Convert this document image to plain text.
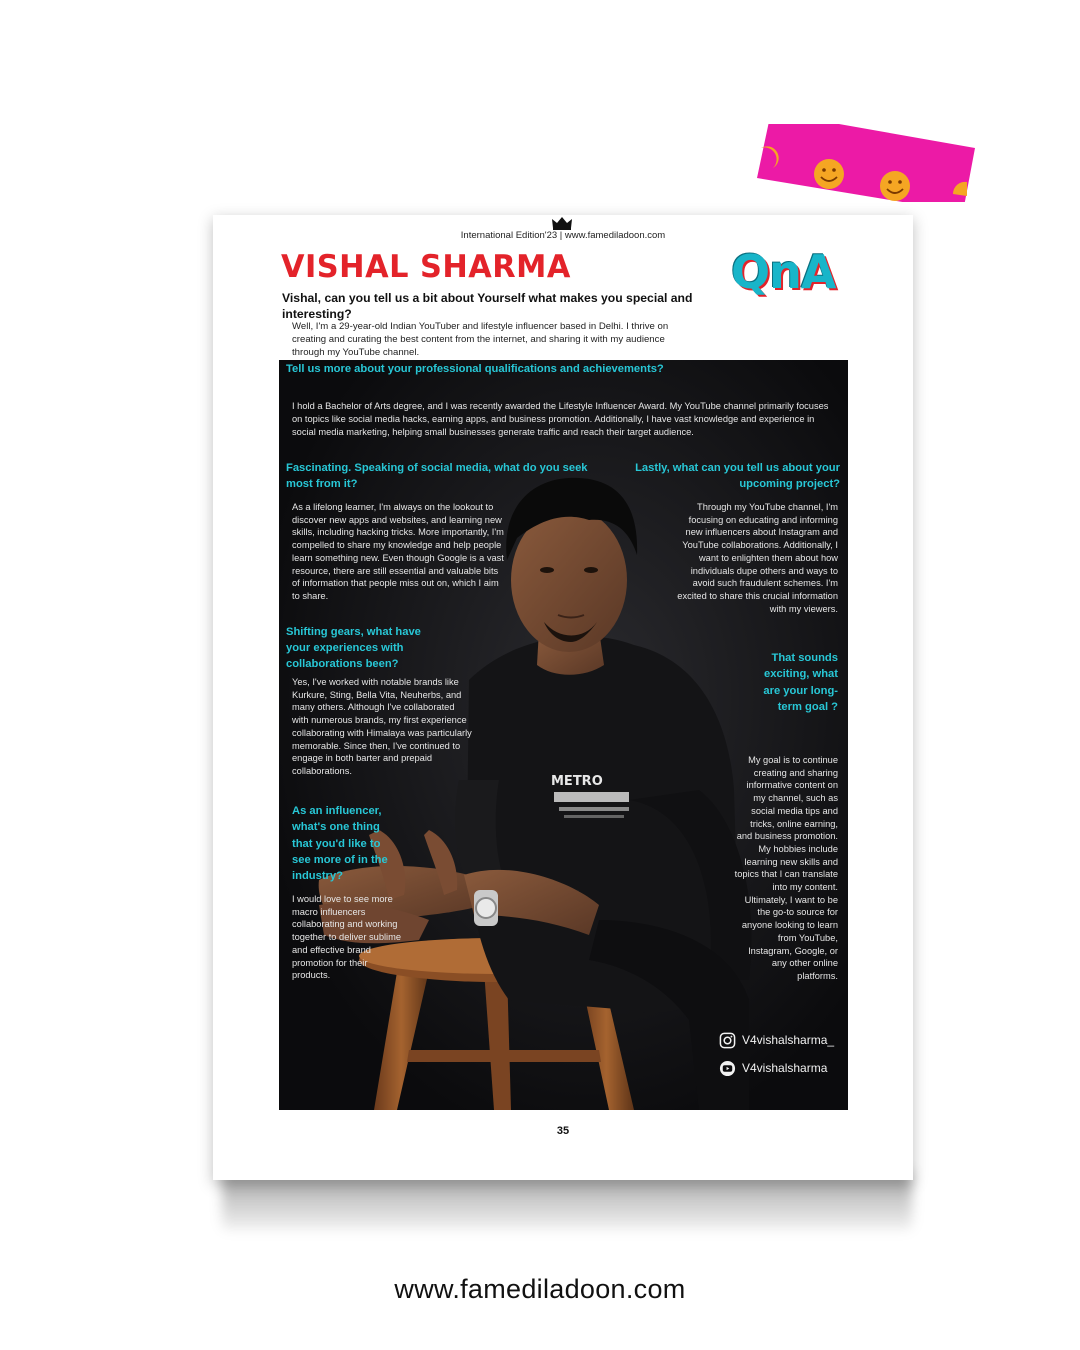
International Edition'23 | www.famediladoon.com
VISHAL SHARMA	QnA
Vishal, can you tell us a bit about Yourself what makes you special and interesting?
Well, I'm a 29-year-old Indian YouTuber and lifestyle influencer based in Delhi. I thrive on creating and curating the best content from the internet, and sharing it with my audience through my YouTube channel.
METRO
Tell us more about your professional qualifications and achievements?
I hold a Bachelor of Arts degree, and I was recently awarded the Lifestyle Influencer Award. My YouTube channel primarily focuses on topics like social media hacks, earning apps, and business promotion. Additionally, I have vast knowledge and experience in social media marketing, helping small businesses generate traffic and reach their target audience.
Fascinating. Speaking of social media, what do you seek most from it?
As a lifelong learner, I'm always on the lookout to discover new apps and websites, and learning new skills, including hacking tricks. More importantly, I'm compelled to share my knowledge and help people learn something new. Even though Google is a vast resource, there are still essential and valuable bits of information that people miss out on, which I aim to share.
Shifting gears, what have your experiences with collaborations been?
Yes, I've worked with notable brands like Kurkure, Sting, Bella Vita, Neuherbs, and many others. Although I've collaborated with numerous brands, my first experience collaborating with Himalaya was particularly memorable. Since then, I've continued to engage in both barter and prepaid collaborations.
As an influencer, what's one thing that you'd like to see more of in the industry?
I would love to see more macro influencers collaborating and working together to deliver sublime and effective brand promotion for their products.
Lastly, what can you tell us about your upcoming project?
Through my YouTube channel, I'm focusing on educating and informing new influencers about Instagram and YouTube collaborations. Additionally, I want to enlighten them about how individuals dupe others and ways to avoid such fraudulent schemes. I'm excited to share this crucial information with my viewers.
That sounds exciting, what are your long-term goal ?
My goal is to continue creating and sharing informative content on my channel, such as social media tips and tricks, online earning, and business promotion. My hobbies include learning new skills and topics that I can translate into my content. Ultimately, I want to be the go-to source for anyone looking to learn from YouTube, Instagram, Google, or any other online platforms.
V4vishalsharma_
V4vishalsharma
35
www.famediladoon.com
